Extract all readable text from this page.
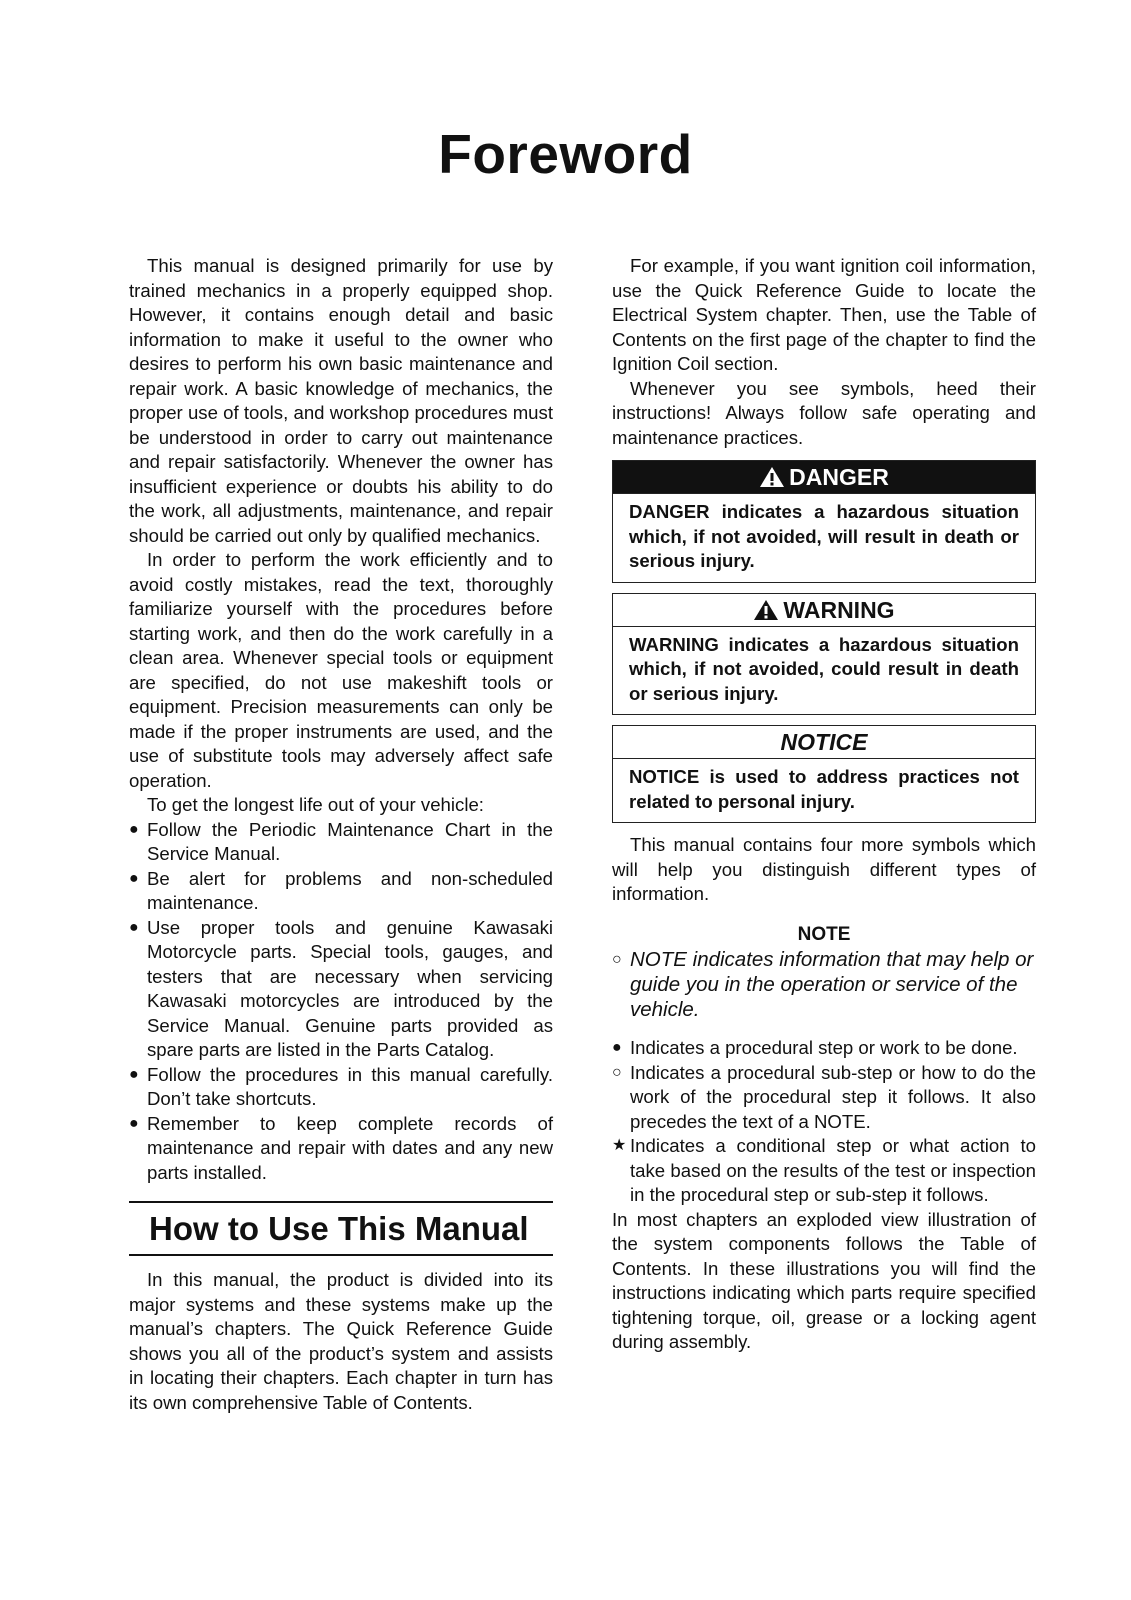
Foreword

This manual is designed primarily for use by trained mechanics in a properly equipped shop. However, it contains enough detail and basic information to make it useful to the owner who desires to perform his own basic maintenance and repair work. A basic knowledge of mechanics, the proper use of tools, and workshop procedures must be understood in order to carry out maintenance and repair satisfactorily. Whenever the owner has insufficient experience or doubts his ability to do the work, all adjustments, maintenance, and repair should be carried out only by qualified mechanics.

In order to perform the work efficiently and to avoid costly mistakes, read the text, thoroughly familiarize yourself with the procedures before starting work, and then do the work carefully in a clean area. Whenever special tools or equipment are specified, do not use makeshift tools or equipment. Precision measurements can only be made if the proper instruments are used, and the use of substitute tools may adversely affect safe operation.

To get the longest life out of your vehicle:

● Follow the Periodic Maintenance Chart in the Service Manual.
● Be alert for problems and non-scheduled maintenance.
● Use proper tools and genuine Kawasaki Motorcycle parts. Special tools, gauges, and testers that are necessary when servicing Kawasaki motorcycles are introduced by the Service Manual. Genuine parts provided as spare parts are listed in the Parts Catalog.
● Follow the procedures in this manual carefully. Don’t take shortcuts.
● Remember to keep complete records of maintenance and repair with dates and any new parts installed.
How to Use This Manual

In this manual, the product is divided into its major systems and these systems make up the manual’s chapters. The Quick Reference Guide shows you all of the product’s system and assists in locating their chapters. Each chapter in turn has its own comprehensive Table of Contents.

For example, if you want ignition coil information, use the Quick Reference Guide to locate the Electrical System chapter. Then, use the Table of Contents on the first page of the chapter to find the Ignition Coil section.

Whenever you see symbols, heed their instructions! Always follow safe operating and maintenance practices.

DANGER
DANGER indicates a hazardous situation which, if not avoided, will result in death or serious injury.
WARNING
WARNING indicates a hazardous situation which, if not avoided, could result in death or serious injury.
NOTICE
NOTICE is used to address practices not related to personal injury.

This manual contains four more symbols which will help you distinguish different types of information.

NOTE
○ NOTE indicates information that may help or guide you in the operation or service of the vehicle.
● Indicates a procedural step or work to be done.
○ Indicates a procedural sub-step or how to do the work of the procedural step it follows. It also precedes the text of a NOTE.
★ Indicates a conditional step or what action to take based on the results of the test or inspection in the procedural step or sub-step it follows.

In most chapters an exploded view illustration of the system components follows the Table of Contents. In these illustrations you will find the instructions indicating which parts require specified tightening torque, oil, grease or a locking agent during assembly.
